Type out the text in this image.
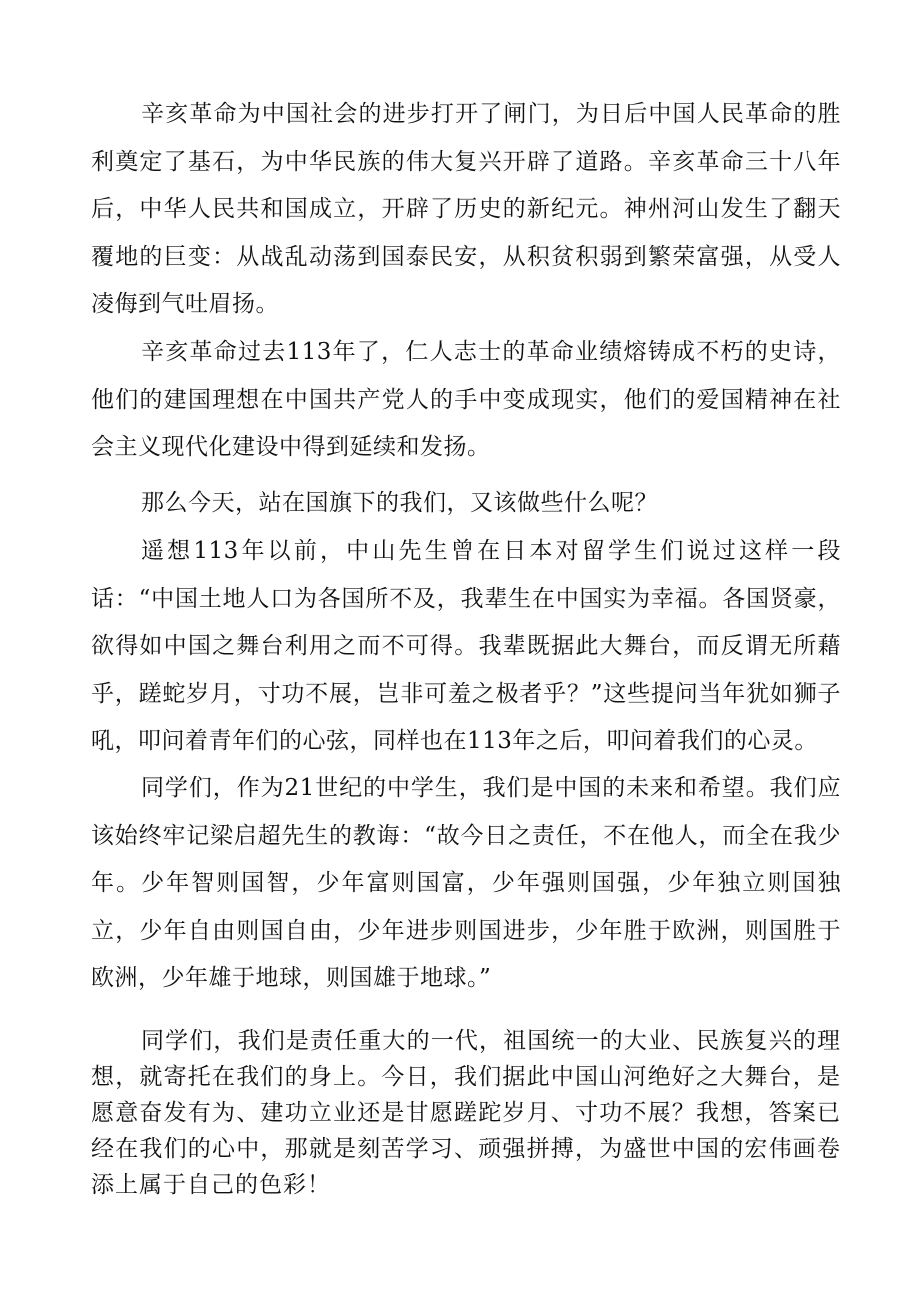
辛亥革命为中国社会的进步打开了闸门，为日后中国人民革命的胜利奠定了基石，为中华民族的伟大复兴开辟了道路。辛亥革命三十八年后，中华人民共和国成立，开辟了历史的新纪元。神州河山发生了翻天覆地的巨变：从战乱动荡到国泰民安，从积贫积弱到繁荣富强，从受人凌侮到气吐眉扬。

辛亥革命过去113年了，仁人志士的革命业绩熔铸成不朽的史诗，他们的建国理想在中国共产党人的手中变成现实，他们的爱国精神在社会主义现代化建设中得到延续和发扬。

那么今天，站在国旗下的我们，又该做些什么呢？

遥想113年以前，中山先生曾在日本对留学生们说过这样一段话：“中国土地人口为各国所不及，我辈生在中国实为幸福。各国贤豪，欲得如中国之舞台利用之而不可得。我辈既据此大舞台，而反谓无所藉乎，蹉蛇岁月，寸功不展，岂非可羞之极者乎？”这些提问当年犹如狮子吼，叩问着青年们的心弦，同样也在113年之后，叩问着我们的心灵。

同学们，作为21世纪的中学生，我们是中国的未来和希望。我们应该始终牢记梁启超先生的教诲：“故今日之责任，不在他人，而全在我少年。少年智则国智，少年富则国富，少年强则国强，少年独立则国独立，少年自由则国自由，少年进步则国进步，少年胜于欧洲，则国胜于欧洲，少年雄于地球，则国雄于地球。”

同学们，我们是责任重大的一代，祖国统一的大业、民族复兴的理想，就寄托在我们的身上。今日，我们据此中国山河绝好之大舞台，是愿意奋发有为、建功立业还是甘愿蹉跎岁月、寸功不展？我想，答案已经在我们的心中，那就是刻苦学习、顽强拼搏，为盛世中国的宏伟画卷添上属于自己的色彩！
